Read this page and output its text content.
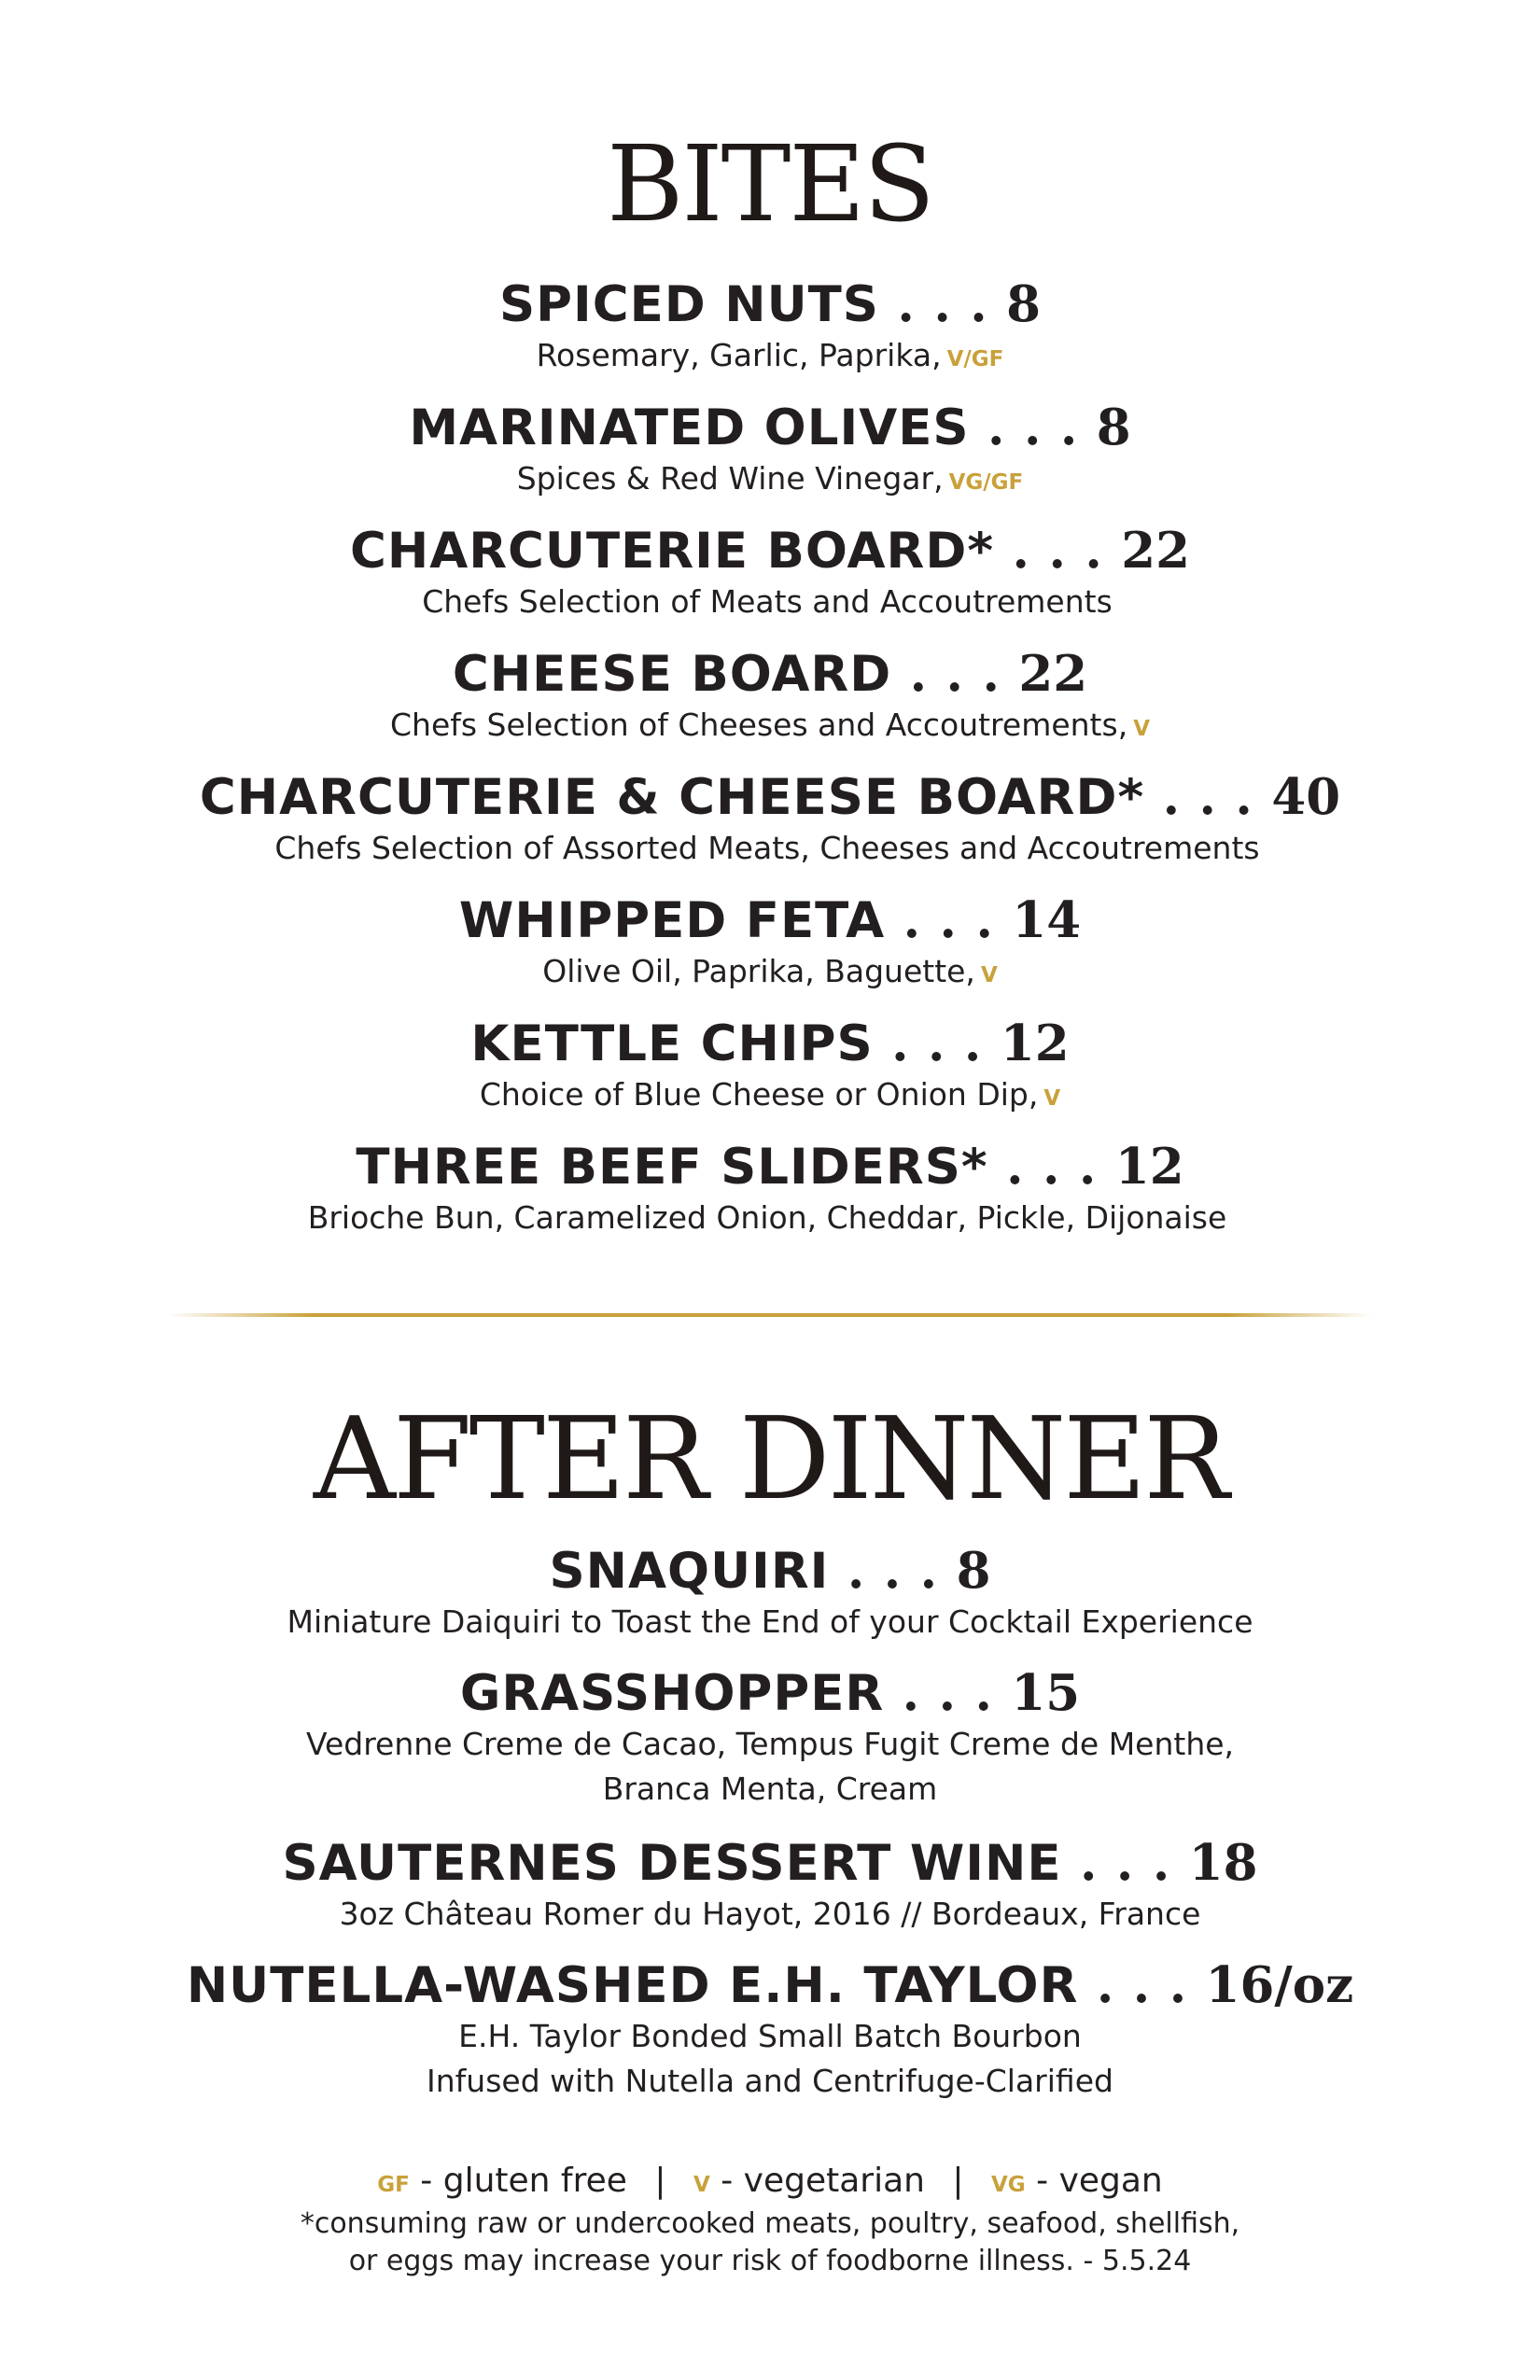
BITES
SPICED NUTS . . . 8
Rosemary, Garlic, Paprika, V/GF
MARINATED OLIVES . . . 8
Spices & Red Wine Vinegar, VG/GF
CHARCUTERIE BOARD* . . . 22
Chefs Selection of Meats and Accoutrements
CHEESE BOARD . . . 22
Chefs Selection of Cheeses and Accoutrements, V
CHARCUTERIE & CHEESE BOARD* . . . 40
Chefs Selection of Assorted Meats, Cheeses and Accoutrements
WHIPPED FETA . . . 14
Olive Oil, Paprika, Baguette, V
KETTLE CHIPS . . . 12
Choice of Blue Cheese or Onion Dip, V
THREE BEEF SLIDERS* . . . 12
Brioche Bun, Caramelized Onion, Cheddar, Pickle, Dijonaise
AFTER DINNER
SNAQUIRI . . . 8
Miniature Daiquiri to Toast the End of your Cocktail Experience
GRASSHOPPER . . . 15
Vedrenne Creme de Cacao, Tempus Fugit Creme de Menthe,
Branca Menta, Cream
SAUTERNES DESSERT WINE . . . 18
3oz Château Romer du Hayot, 2016 // Bordeaux, France
NUTELLA-WASHED E.H. TAYLOR . . . 16/oz
E.H. Taylor Bonded Small Batch Bourbon
Infused with Nutella and Centrifuge-Clarified
GF - gluten free | V - vegetarian | VG - vegan
*consuming raw or undercooked meats, poultry, seafood, shellfish,
or eggs may increase your risk of foodborne illness. - 5.5.24
